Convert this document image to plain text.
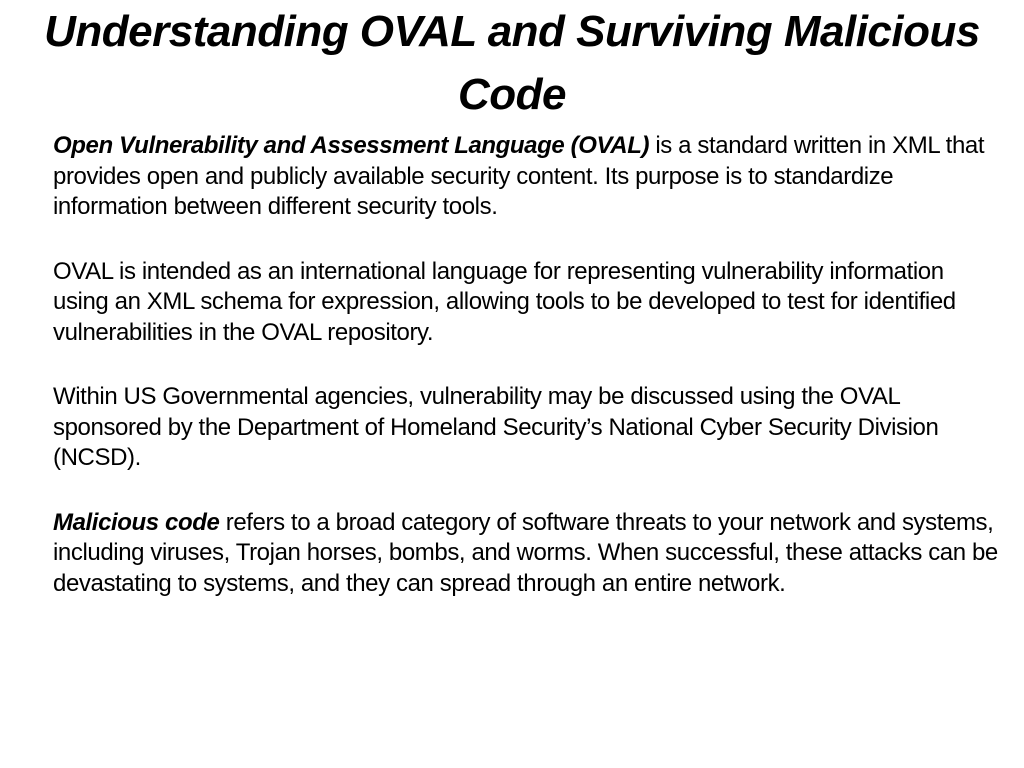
Understanding OVAL and Surviving Malicious Code

Open Vulnerability and Assessment Language (OVAL) is a standard written in XML that provides open and publicly available security content. Its purpose is to standardize information between different security tools.

OVAL is intended as an international language for representing vulnerability information using an XML schema for expression, allowing tools to be developed to test for identified vulnerabilities in the OVAL repository.

Within US Governmental agencies, vulnerability may be discussed using the OVAL sponsored by the Department of Homeland Security’s National Cyber Security Division (NCSD).

Malicious code refers to a broad category of software threats to your network and systems, including viruses, Trojan horses, bombs, and worms. When successful, these attacks can be devastating to systems, and they can spread through an entire network.
